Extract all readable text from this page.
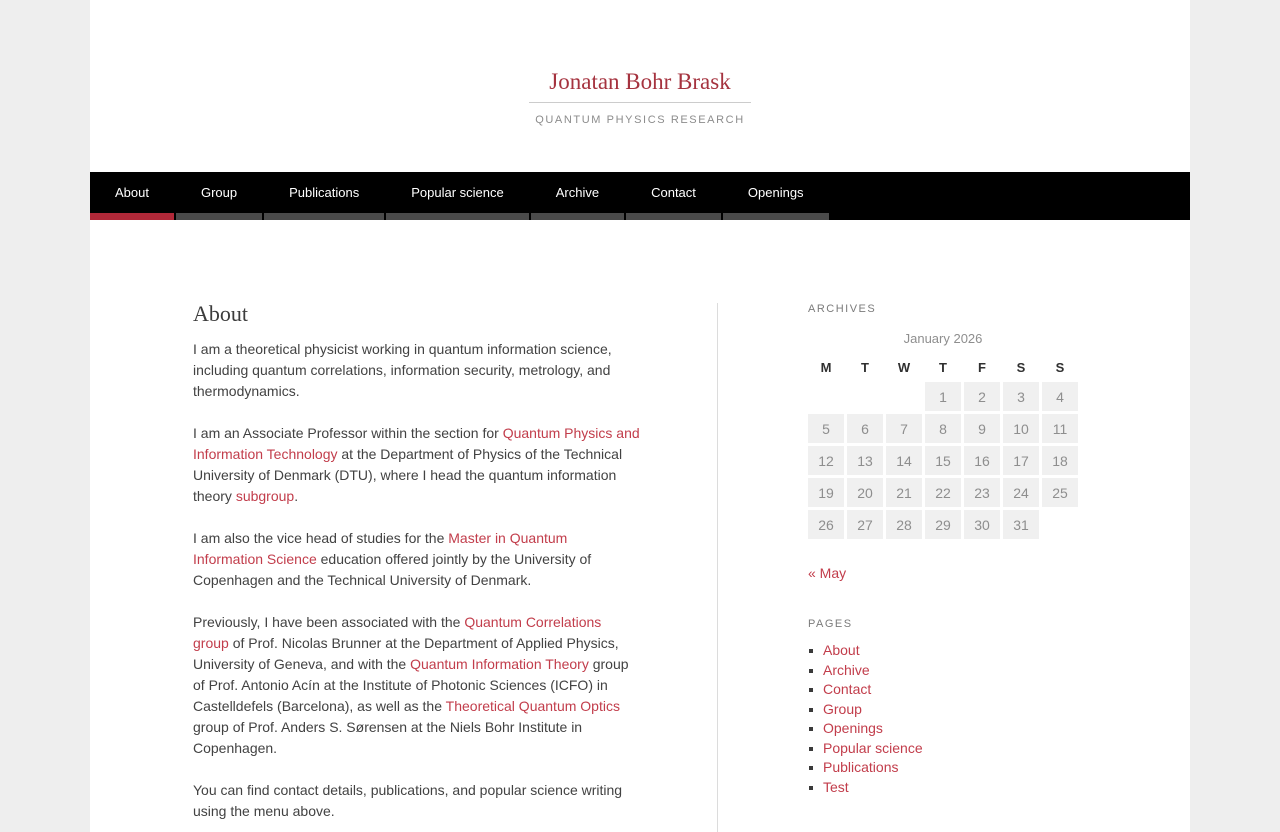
Jonatan Bohr Brask

QUANTUM PHYSICS RESEARCH

About	Group	Publications	Popular science	Archive	Contact	Openings
About

I am a theoretical physicist working in quantum information science, including quantum correlations, information security, metrology, and thermodynamics.

I am an Associate Professor within the section for Quantum Physics and Information Technology at the Department of Physics of the Technical University of Denmark (DTU), where I head the quantum information theory subgroup.

I am also the vice head of studies for the Master in Quantum Information Science education offered jointly by the University of Copenhagen and the Technical University of Denmark.

Previously, I have been associated with the Quantum Correlations group of Prof. Nicolas Brunner at the Department of Applied Physics, University of Geneva, and with the Quantum Information Theory group of Prof. Antonio Acín at the Institute of Photonic Sciences (ICFO) in Castelldefels (Barcelona), as well as the Theoretical Quantum Optics group of Prof. Anders S. Sørensen at the Niels Bohr Institute in Copenhagen.

You can find contact details, publications, and popular science writing using the menu above.

ARCHIVES
January 2026
M	T	W	T	F	S	S
			1	2	3	4
5	6	7	8	9	10	11
12	13	14	15	16	17	18
19	20	21	22	23	24	25
26	27	28	29	30	31	
« May
PAGES
About
Archive
Contact
Group
Openings
Popular science
Publications
Test
